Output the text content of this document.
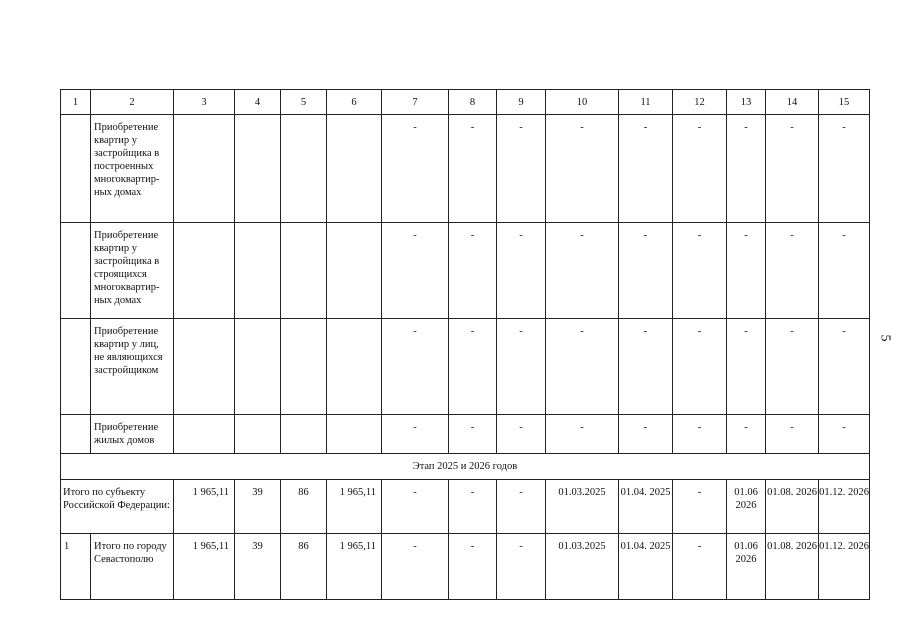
1	2	3	4	5	6	7	8	9	10	11	12	13	14	15
	Приобретение квартир у застройщика в построенных многоквартир-ных домах					-	-	-	-	-	-	-	-	-
	Приобретение квартир у застройщика в строящихся многоквартир-ных домах					-	-	-	-	-	-	-	-	-
	Приобретение квартир у лиц, не являющихся застройщиком					-	-	-	-	-	-	-	-	-
	Приобретение жилых домов					-	-	-	-	-	-	-	-	-
Этап 2025 и 2026 годов														
Итого по субъекту Российской Федерации:		1 965,11	39	86	1 965,11	-	-	-	01.03.2025	01.04. 2025	-	01.06 2026	01.08. 2026	01.12. 2026
1	Итого по городу Севастополю	1 965,11	39	86	1 965,11	-	-	-	01.03.2025	01.04. 2025	-	01.06 2026	01.08. 2026	01.12. 2026
5
